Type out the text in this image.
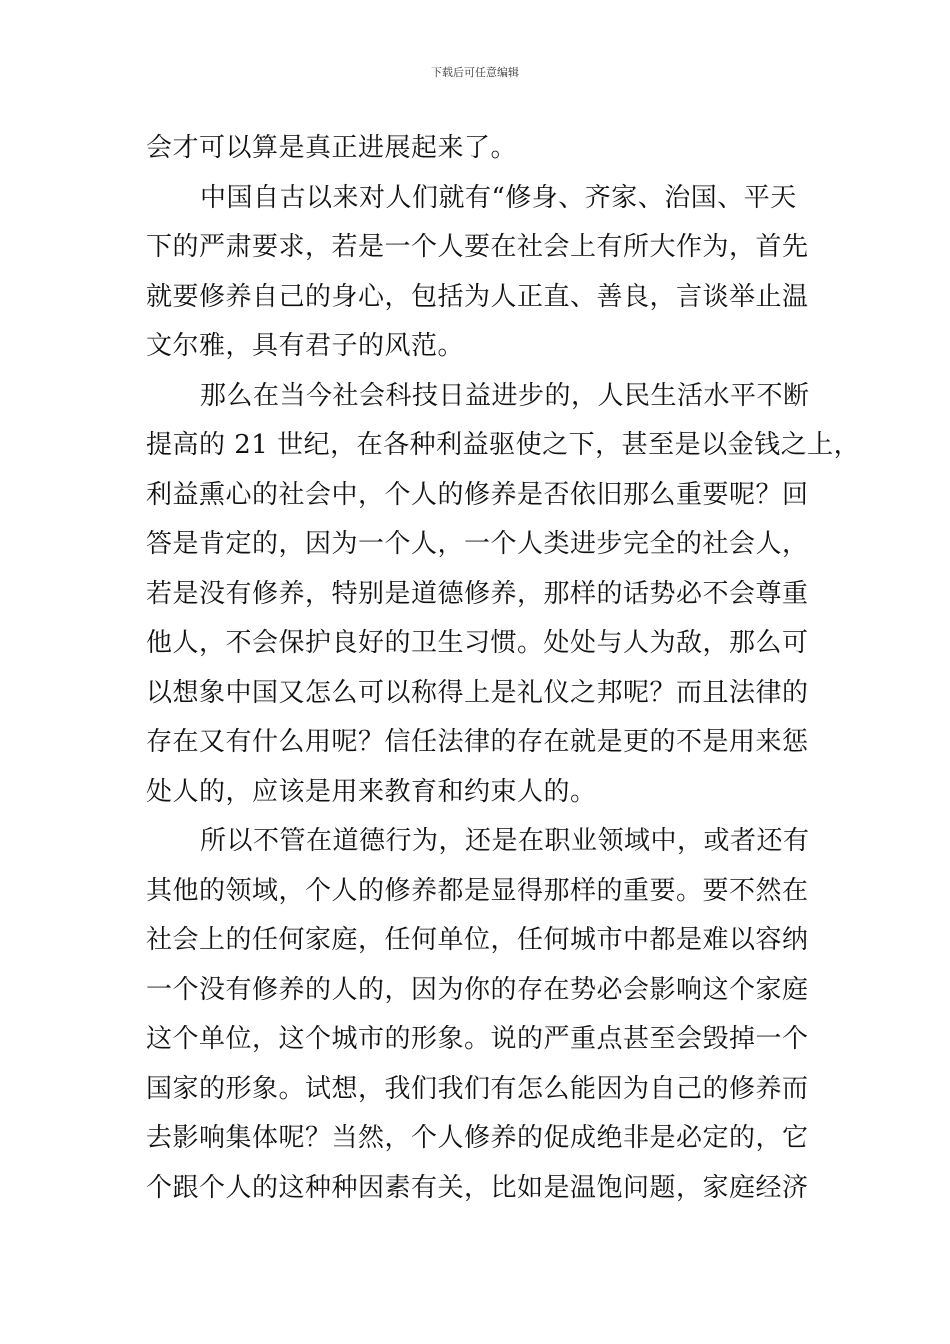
下载后可任意编辑
会才可以算是真正进展起来了。
中国自古以来对人们就有“修身、齐家、治国、平天
下的严肃要求，若是一个人要在社会上有所大作为，首先
就要修养自己的身心，包括为人正直、善良，言谈举止温
文尔雅，具有君子的风范。
那么在当今社会科技日益进步的，人民生活水平不断
提高的 21 世纪，在各种利益驱使之下，甚至是以金钱之上，
利益熏心的社会中，个人的修养是否依旧那么重要呢？回
答是肯定的，因为一个人，一个人类进步完全的社会人，
若是没有修养，特别是道德修养，那样的话势必不会尊重
他人，不会保护良好的卫生习惯。处处与人为敌，那么可
以想象中国又怎么可以称得上是礼仪之邦呢？而且法律的
存在又有什么用呢？信任法律的存在就是更的不是用来惩
处人的，应该是用来教育和约束人的。
所以不管在道德行为，还是在职业领域中，或者还有
其他的领域，个人的修养都是显得那样的重要。要不然在
社会上的任何家庭，任何单位，任何城市中都是难以容纳
一个没有修养的人的，因为你的存在势必会影响这个家庭
这个单位，这个城市的形象。说的严重点甚至会毁掉一个
国家的形象。试想，我们我们有怎么能因为自己的修养而
去影响集体呢？当然，个人修养的促成绝非是必定的，它
个跟个人的这种种因素有关，比如是温饱问题，家庭经济
